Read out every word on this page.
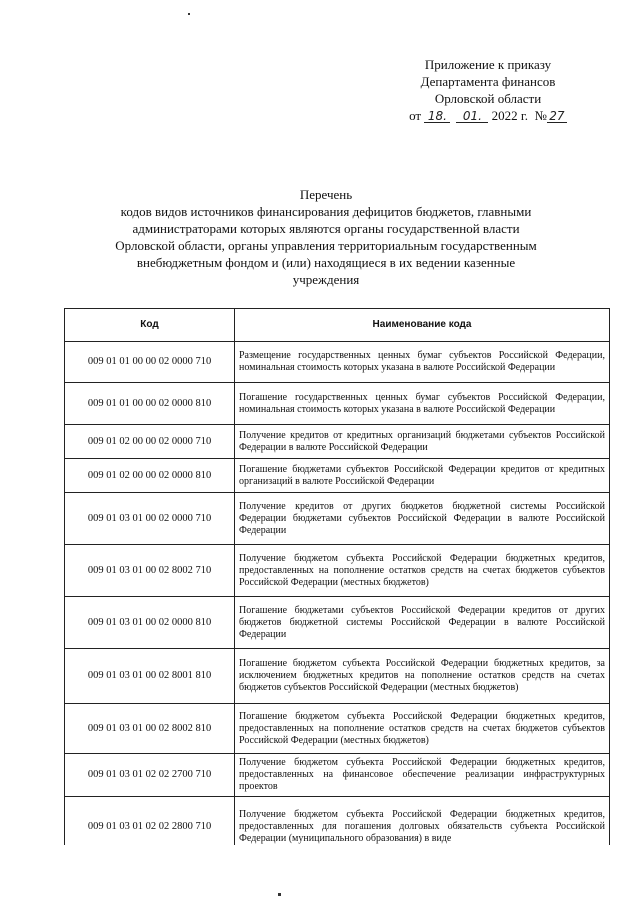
Приложение к приказу
Департамента финансов
Орловской области
от 18. 01. 2022 г. № 27
Перечень
кодов видов источников финансирования дефицитов бюджетов, главными
администраторами которых являются органы государственной власти
Орловской области, органы управления территориальным государственным
внебюджетным фондом и (или) находящиеся в их ведении казенные
учреждения
Код	Наименование кода
009 01 01 00 00 02 0000 710	Размещение государственных ценных бумаг субъектов Российской Федерации, номинальная стоимость которых указана в валюте Российской Федерации
009 01 01 00 00 02 0000 810	Погашение государственных ценных бумаг субъектов Российской Федерации, номинальная стоимость которых указана в валюте Российской Федерации
009 01 02 00 00 02 0000 710	Получение кредитов от кредитных организаций бюджетами субъектов Российской Федерации в валюте Российской Федерации
009 01 02 00 00 02 0000 810	Погашение бюджетами субъектов Российской Федерации кредитов от кредитных организаций в валюте Российской Федерации
009 01 03 01 00 02 0000 710	Получение кредитов от других бюджетов бюджетной системы Российской Федерации бюджетами субъектов Российской Федерации в валюте Российской Федерации
009 01 03 01 00 02 8002 710	Получение бюджетом субъекта Российской Федерации бюджетных кредитов, предоставленных на пополнение остатков средств на счетах бюджетов субъектов Российской Федерации (местных бюджетов)
009 01 03 01 00 02 0000 810	Погашение бюджетами субъектов Российской Федерации кредитов от других бюджетов бюджетной системы Российской Федерации в валюте Российской Федерации
009 01 03 01 00 02 8001 810	Погашение бюджетом субъекта Российской Федерации бюджетных кредитов, за исключением бюджетных кредитов на пополнение остатков средств на счетах бюджетов субъектов Российской Федерации (местных бюджетов)
009 01 03 01 00 02 8002 810	Погашение бюджетом субъекта Российской Федерации бюджетных кредитов, предоставленных на пополнение остатков средств на счетах бюджетов субъектов Российской Федерации (местных бюджетов)
009 01 03 01 02 02 2700 710	Получение бюджетом субъекта Российской Федерации бюджетных кредитов, предоставленных на финансовое обеспечение реализации инфраструктурных проектов
009 01 03 01 02 02 2800 710	Получение бюджетом субъекта Российской Федерации бюджетных кредитов, предоставленных для погашения долговых обязательств субъекта Российской Федерации (муниципального образования) в виде
